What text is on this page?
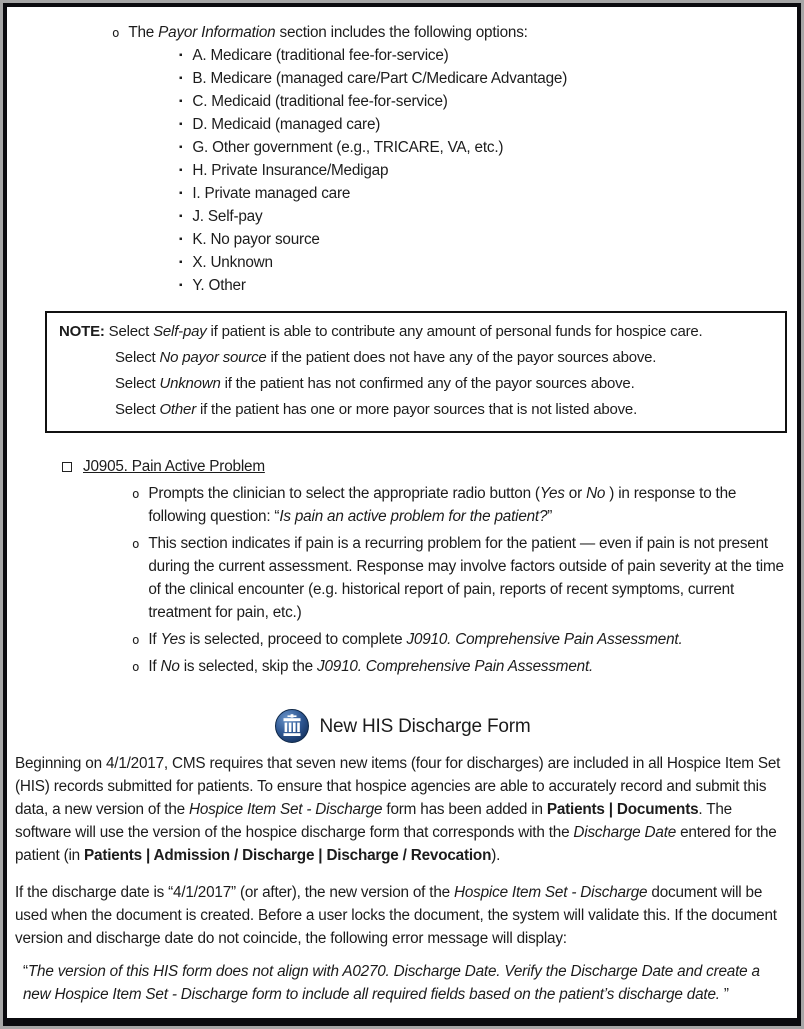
o The Payor Information section includes the following options:
▪ A. Medicare (traditional fee-for-service)
▪ B. Medicare (managed care/Part C/Medicare Advantage)
▪ C. Medicaid (traditional fee-for-service)
▪ D. Medicaid (managed care)
▪ G. Other government (e.g., TRICARE, VA, etc.)
▪ H. Private Insurance/Medigap
▪ I. Private managed care
▪ J. Self-pay
▪ K. No payor source
▪ X. Unknown
▪ Y. Other
NOTE: Select Self-pay if patient is able to contribute any amount of personal funds for hospice care.
Select No payor source if the patient does not have any of the payor sources above.
Select Unknown if the patient has not confirmed any of the payor sources above.
Select Other if the patient has one or more payor sources that is not listed above.
J0905. Pain Active Problem
o Prompts the clinician to select the appropriate radio button (Yes or No ) in response to the following question: “Is pain an active problem for the patient?”
o This section indicates if pain is a recurring problem for the patient — even if pain is not present during the current assessment. Response may involve factors outside of pain severity at the time of the clinical encounter (e.g. historical report of pain, reports of recent symptoms, current treatment for pain, etc.)
o If Yes is selected, proceed to complete J0910. Comprehensive Pain Assessment.
o If No is selected, skip the J0910. Comprehensive Pain Assessment.
New HIS Discharge Form

Beginning on 4/1/2017, CMS requires that seven new items (four for discharges) are included in all Hospice Item Set (HIS) records submitted for patients. To ensure that hospice agencies are able to accurately record and submit this data, a new version of the Hospice Item Set - Discharge form has been added in Patients | Documents. The software will use the version of the hospice discharge form that corresponds with the Discharge Date entered for the patient (in Patients | Admission / Discharge | Discharge / Revocation).

If the discharge date is “4/1/2017” (or after), the new version of the Hospice Item Set - Discharge document will be used when the document is created. Before a user locks the document, the system will validate this. If the document version and discharge date do not coincide, the following error message will display:

“The version of this HIS form does not align with A0270. Discharge Date. Verify the Discharge Date and create a new Hospice Item Set - Discharge form to include all required fields based on the patient’s discharge date. ”
